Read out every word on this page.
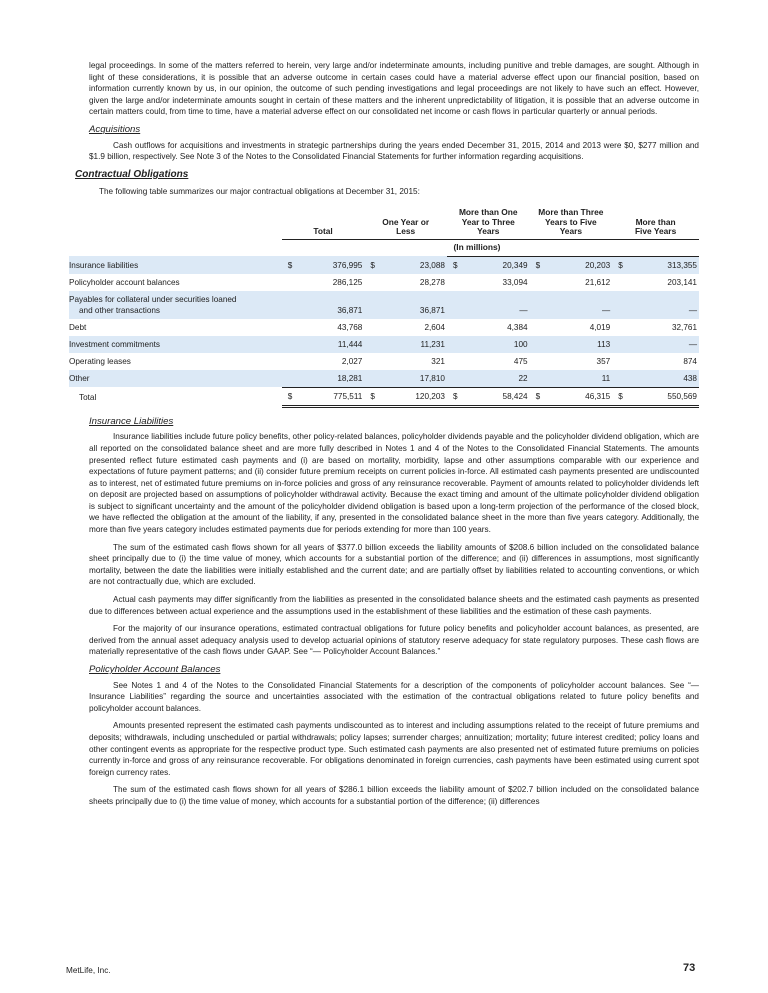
legal proceedings. In some of the matters referred to herein, very large and/or indeterminate amounts, including punitive and treble damages, are sought. Although in light of these considerations, it is possible that an adverse outcome in certain cases could have a material adverse effect upon our financial position, based on information currently known by us, in our opinion, the outcome of such pending investigations and legal proceedings are not likely to have such an effect. However, given the large and/or indeterminate amounts sought in certain of these matters and the inherent unpredictability of litigation, it is possible that an adverse outcome in certain matters could, from time to time, have a material adverse effect on our consolidated net income or cash flows in particular quarterly or annual periods.

Acquisitions

Cash outflows for acquisitions and investments in strategic partnerships during the years ended December 31, 2015, 2014 and 2013 were $0, $277 million and $1.9 billion, respectively. See Note 3 of the Notes to the Consolidated Financial Statements for further information regarding acquisitions.

Contractual Obligations

The following table summarizes our major contractual obligations at December 31, 2015:

	Total		One Year or Less		More than One Year to Three Years		More than Three Years to Five Years		More than Five Years	
					(In millions)					
Insurance liabilities	$	376,995	$	23,088	$	20,349	$	20,203	$	313,355
Policyholder account balances		286,125		28,278		33,094		21,612		203,141

Payables for collateral under securities loaned
and other transactions		36,871		36,871		—		—		—
Debt		43,768		2,604		4,384		4,019		32,761
Investment commitments		11,444		11,231		100		113		—
Operating leases		2,027		321		475		357		874
Other		18,281		17,810		22		11		438
Total	$	775,511	$	120,203	$	58,424	$	46,315	$	550,569
Insurance Liabilities

Insurance liabilities include future policy benefits, other policy-related balances, policyholder dividends payable and the policyholder dividend obligation, which are all reported on the consolidated balance sheet and are more fully described in Notes 1 and 4 of the Notes to the Consolidated Financial Statements. The amounts presented reflect future estimated cash payments and (i) are based on mortality, morbidity, lapse and other assumptions comparable with our experience and expectations of future payment patterns; and (ii) consider future premium receipts on current policies in-force. All estimated cash payments presented are undiscounted as to interest, net of estimated future premiums on in-force policies and gross of any reinsurance recoverable. Payment of amounts related to policyholder dividends left on deposit are projected based on assumptions of policyholder withdrawal activity. Because the exact timing and amount of the ultimate policyholder dividend obligation is subject to significant uncertainty and the amount of the policyholder dividend obligation is based upon a long-term projection of the performance of the closed block, we have reflected the obligation at the amount of the liability, if any, presented in the consolidated balance sheet in the more than five years category. Additionally, the more than five years category includes estimated payments due for periods extending for more than 100 years.

The sum of the estimated cash flows shown for all years of $377.0 billion exceeds the liability amounts of $208.6 billion included on the consolidated balance sheet principally due to (i) the time value of money, which accounts for a substantial portion of the difference; and (ii) differences in assumptions, most significantly mortality, between the date the liabilities were initially established and the current date; and are partially offset by liabilities related to accounting conventions, or which are not contractually due, which are excluded.

Actual cash payments may differ significantly from the liabilities as presented in the consolidated balance sheets and the estimated cash payments as presented due to differences between actual experience and the assumptions used in the establishment of these liabilities and the estimation of these cash payments.

For the majority of our insurance operations, estimated contractual obligations for future policy benefits and policyholder account balances, as presented, are derived from the annual asset adequacy analysis used to develop actuarial opinions of statutory reserve adequacy for state regulatory purposes. These cash flows are materially representative of the cash flows under GAAP. See “— Policyholder Account Balances.”

Policyholder Account Balances

See Notes 1 and 4 of the Notes to the Consolidated Financial Statements for a description of the components of policyholder account balances. See “— Insurance Liabilities” regarding the source and uncertainties associated with the estimation of the contractual obligations related to future policy benefits and policyholder account balances.

Amounts presented represent the estimated cash payments undiscounted as to interest and including assumptions related to the receipt of future premiums and deposits; withdrawals, including unscheduled or partial withdrawals; policy lapses; surrender charges; annuitization; mortality; future interest credited; policy loans and other contingent events as appropriate for the respective product type. Such estimated cash payments are also presented net of estimated future premiums on policies currently in-force and gross of any reinsurance recoverable. For obligations denominated in foreign currencies, cash payments have been estimated using current spot foreign currency rates.

The sum of the estimated cash flows shown for all years of $286.1 billion exceeds the liability amount of $202.7 billion included on the consolidated balance sheets principally due to (i) the time value of money, which accounts for a substantial portion of the difference; (ii) differences

MetLife, Inc.	73
